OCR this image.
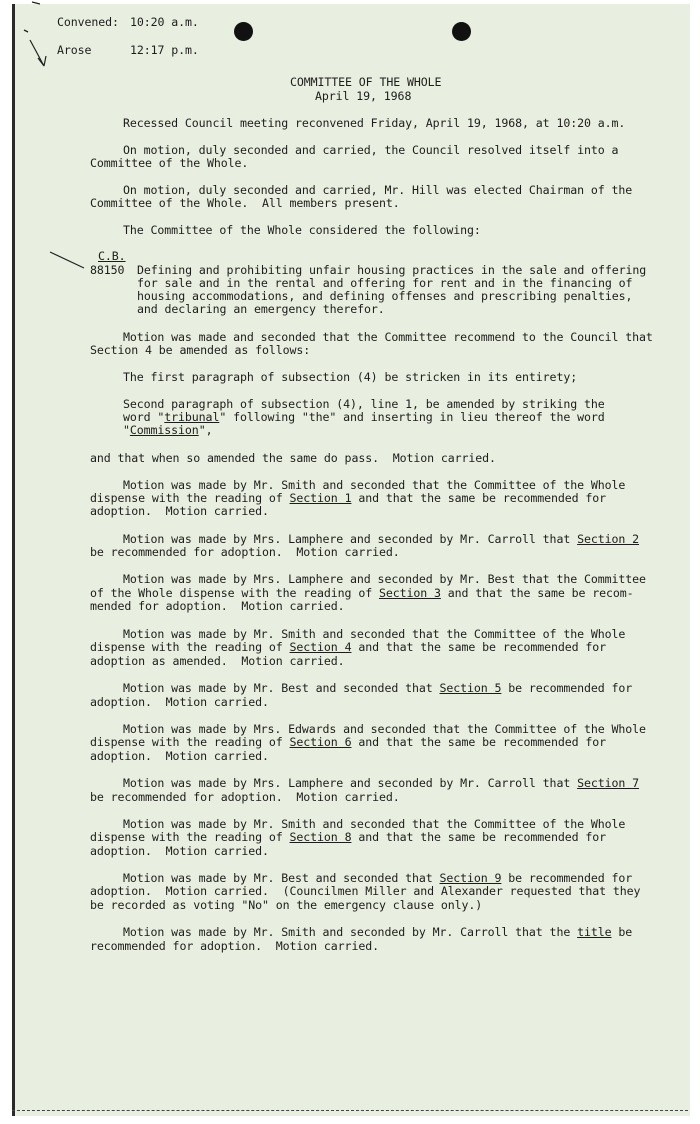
Convened: 10:20 a.m.
Arose	12:17 p.m.
COMMITTEE OF THE WHOLE
April 19, 1968
Recessed Council meeting reconvened Friday, April 19, 1968, at 10:20 a.m.
On motion, duly seconded and carried, the Council resolved itself into a
Committee of the Whole.
On motion, duly seconded and carried, Mr. Hill was elected Chairman of the
Committee of the Whole.  All members present.
The Committee of the Whole considered the following:
C.B.
88150 Defining and prohibiting unfair housing practices in the sale and offering
for sale and in the rental and offering for rent and in the financing of
housing accommodations, and defining offenses and prescribing penalties,
and declaring an emergency therefor.
Motion was made and seconded that the Committee recommend to the Council that
Section 4 be amended as follows:
The first paragraph of subsection (4) be stricken in its entirety;
Second paragraph of subsection (4), line 1, be amended by striking the
word "tribunal" following "the" and inserting in lieu thereof the word
"Commission",
and that when so amended the same do pass.  Motion carried.
Motion was made by Mr. Smith and seconded that the Committee of the Whole
dispense with the reading of Section 1 and that the same be recommended for
adoption.  Motion carried.
Motion was made by Mrs. Lamphere and seconded by Mr. Carroll that Section 2
be recommended for adoption.  Motion carried.
Motion was made by Mrs. Lamphere and seconded by Mr. Best that the Committee
of the Whole dispense with the reading of Section 3 and that the same be recom-
mended for adoption.  Motion carried.
Motion was made by Mr. Smith and seconded that the Committee of the Whole
dispense with the reading of Section 4 and that the same be recommended for
adoption as amended.  Motion carried.
Motion was made by Mr. Best and seconded that Section 5 be recommended for
adoption.  Motion carried.
Motion was made by Mrs. Edwards and seconded that the Committee of the Whole
dispense with the reading of Section 6 and that the same be recommended for
adoption.  Motion carried.
Motion was made by Mrs. Lamphere and seconded by Mr. Carroll that Section 7
be recommended for adoption.  Motion carried.
Motion was made by Mr. Smith and seconded that the Committee of the Whole
dispense with the reading of Section 8 and that the same be recommended for
adoption.  Motion carried.
Motion was made by Mr. Best and seconded that Section 9 be recommended for
adoption.  Motion carried.  (Councilmen Miller and Alexander requested that they
be recorded as voting "No" on the emergency clause only.)
Motion was made by Mr. Smith and seconded by Mr. Carroll that the title be
recommended for adoption.  Motion carried.
